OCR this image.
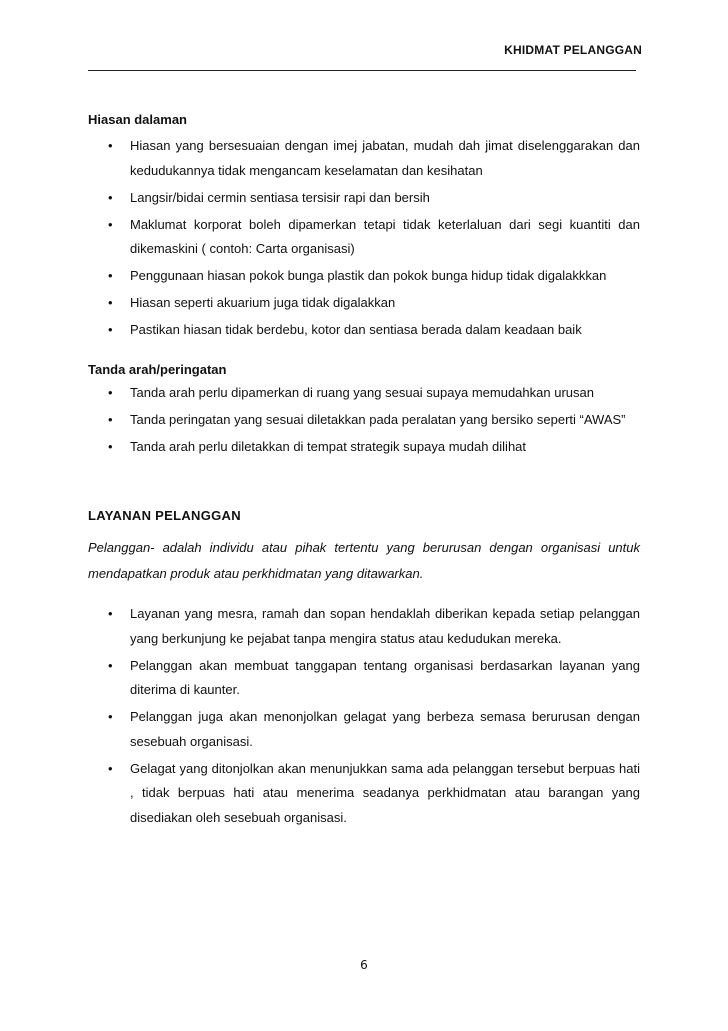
KHIDMAT PELANGGAN
Hiasan dalaman
• Hiasan yang bersesuaian dengan imej jabatan, mudah dah jimat diselenggarakan dan kedudukannya tidak mengancam keselamatan dan kesihatan
• Langsir/bidai cermin sentiasa tersisir rapi dan bersih
• Maklumat korporat boleh dipamerkan tetapi tidak keterlaluan dari segi kuantiti dan dikemaskini ( contoh: Carta organisasi)
• Penggunaan hiasan pokok bunga plastik dan pokok bunga hidup tidak digalakkkan
• Hiasan seperti akuarium juga tidak digalakkan
• Pastikan hiasan tidak berdebu, kotor dan sentiasa berada dalam keadaan baik
Tanda arah/peringatan
• Tanda arah perlu dipamerkan di ruang yang sesuai supaya memudahkan urusan
• Tanda peringatan yang sesuai diletakkan pada peralatan yang bersiko seperti “AWAS”
• Tanda arah perlu diletakkan di tempat strategik supaya mudah dilihat
LAYANAN PELANGGAN
Pelanggan- adalah individu atau pihak tertentu yang berurusan dengan organisasi untuk mendapatkan produk atau perkhidmatan yang ditawarkan.
• Layanan yang mesra, ramah dan sopan hendaklah diberikan kepada setiap pelanggan yang berkunjung ke pejabat tanpa mengira status atau kedudukan mereka.
• Pelanggan akan membuat tanggapan tentang organisasi berdasarkan layanan yang diterima di kaunter.
• Pelanggan juga akan menonjolkan gelagat yang berbeza semasa berurusan dengan sesebuah organisasi.
• Gelagat yang ditonjolkan akan menunjukkan sama ada pelanggan tersebut berpuas hati , tidak berpuas hati atau menerima seadanya perkhidmatan atau barangan yang disediakan oleh sesebuah organisasi.
6
